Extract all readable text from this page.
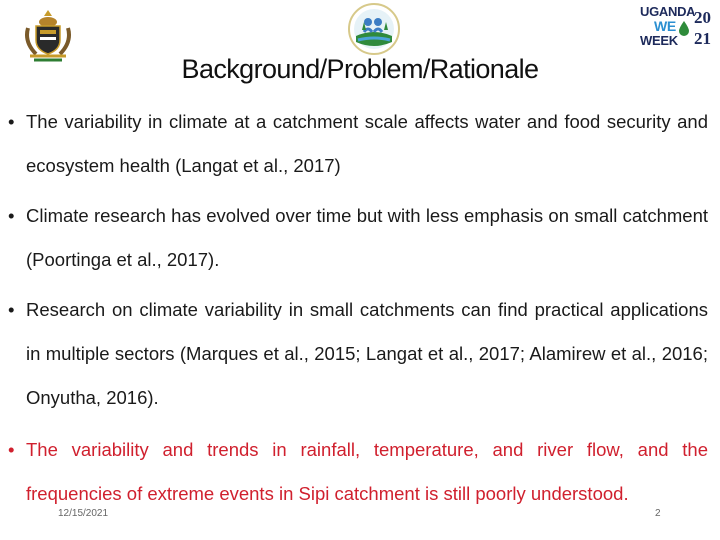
UGANDA
WE
WEEK
20
21
Background/Problem/Rationale
• The variability in climate at a catchment scale affects water and food security and ecosystem health (Langat et al., 2017)
• Climate research has evolved over time but with less emphasis on small catchment (Poortinga et al., 2017).
• Research on climate variability in small catchments can find practical applications in multiple sectors (Marques et al., 2015; Langat et al., 2017; Alamirew et al., 2016; Onyutha, 2016).
• The variability and trends in rainfall, temperature, and river flow, and the frequencies of extreme events in Sipi catchment is still poorly understood.
12/15/2021	2
